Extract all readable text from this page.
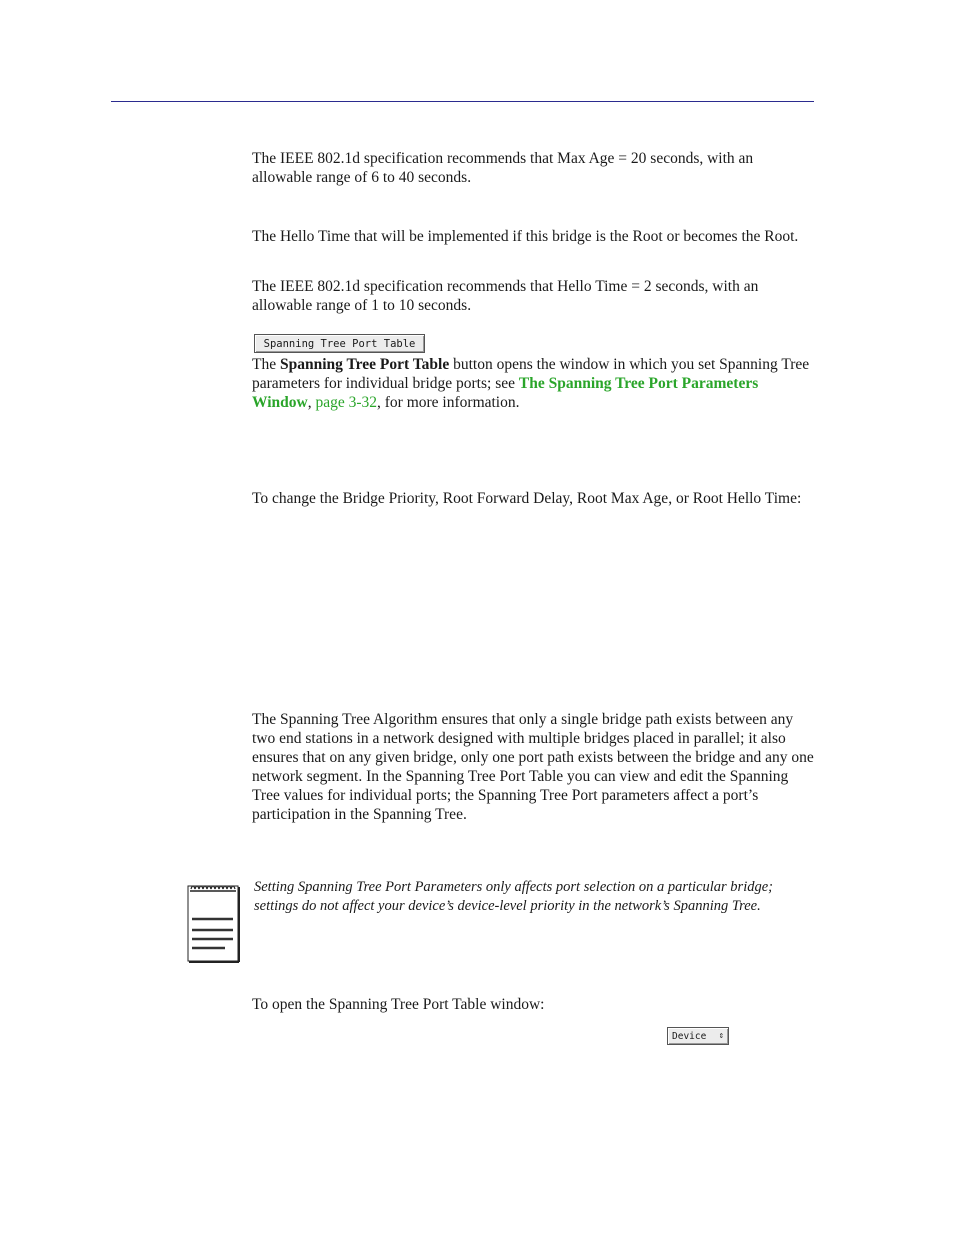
The IEEE 802.1d specification recommends that Max Age = 20 seconds, with an allowable range of 6 to 40 seconds.

The Hello Time that will be implemented if this bridge is the Root or becomes the Root.

The IEEE 802.1d specification recommends that Hello Time = 2 seconds, with an allowable range of 1 to 10 seconds.

Spanning Tree Port Table

The Spanning Tree Port Table button opens the window in which you set Spanning Tree parameters for individual bridge ports; see The Spanning Tree Port Parameters Window, page 3-32, for more information.

To change the Bridge Priority, Root Forward Delay, Root Max Age, or Root Hello Time:

The Spanning Tree Algorithm ensures that only a single bridge path exists between any two end stations in a network designed with multiple bridges placed in parallel; it also ensures that on any given bridge, only one port path exists between the bridge and any one network segment. In the Spanning Tree Port Table you can view and edit the Spanning Tree values for individual ports; the Spanning Tree Port parameters affect a port’s participation in the Spanning Tree.

Setting Spanning Tree Port Parameters only affects port selection on a particular bridge; settings do not affect your device’s device-level priority in the network’s Spanning Tree.

To open the Spanning Tree Port Table window:

Device ⇕
